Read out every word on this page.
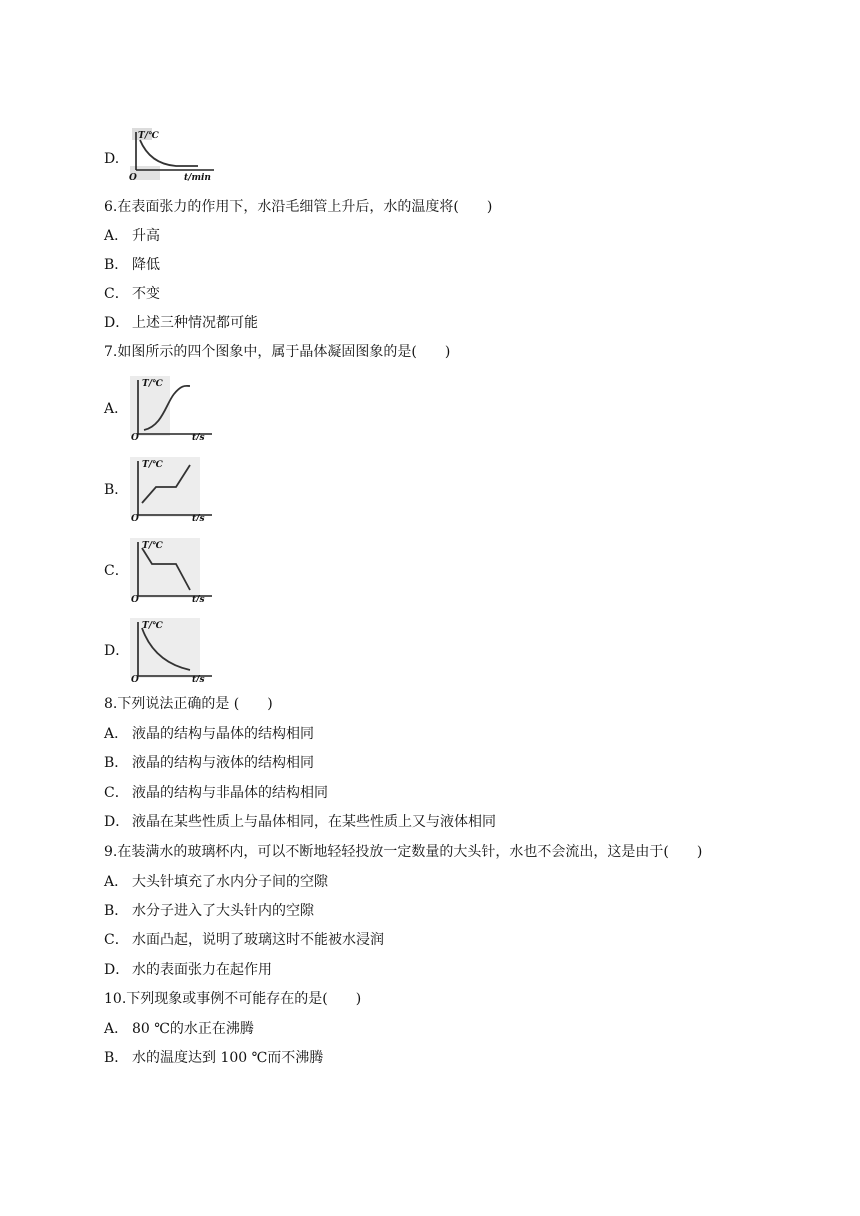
D.
T/℃
O	t/min
6.在表面张力的作用下，水沿毛细管上升后，水的温度将(　　)
A． 升高
B． 降低
C． 不变
D． 上述三种情况都可能
7.如图所示的四个图象中，属于晶体凝固图象的是(　　)
A．
T/℃
O	t/s
B．
T/℃
O	t/s
C．
T/℃
O	t/s
D．
T/℃
O	t/s
8.下列说法正确的是 (　　)
A． 液晶的结构与晶体的结构相同
B． 液晶的结构与液体的结构相同
C． 液晶的结构与非晶体的结构相同
D． 液晶在某些性质上与晶体相同，在某些性质上又与液体相同
9.在装满水的玻璃杯内，可以不断地轻轻投放一定数量的大头针，水也不会流出，这是由于(　　)
A． 大头针填充了水内分子间的空隙
B． 水分子进入了大头针内的空隙
C． 水面凸起，说明了玻璃这时不能被水浸润
D． 水的表面张力在起作用
10.下列现象或事例不可能存在的是(　　)
A． 80 ℃的水正在沸腾
B． 水的温度达到 100 ℃而不沸腾
